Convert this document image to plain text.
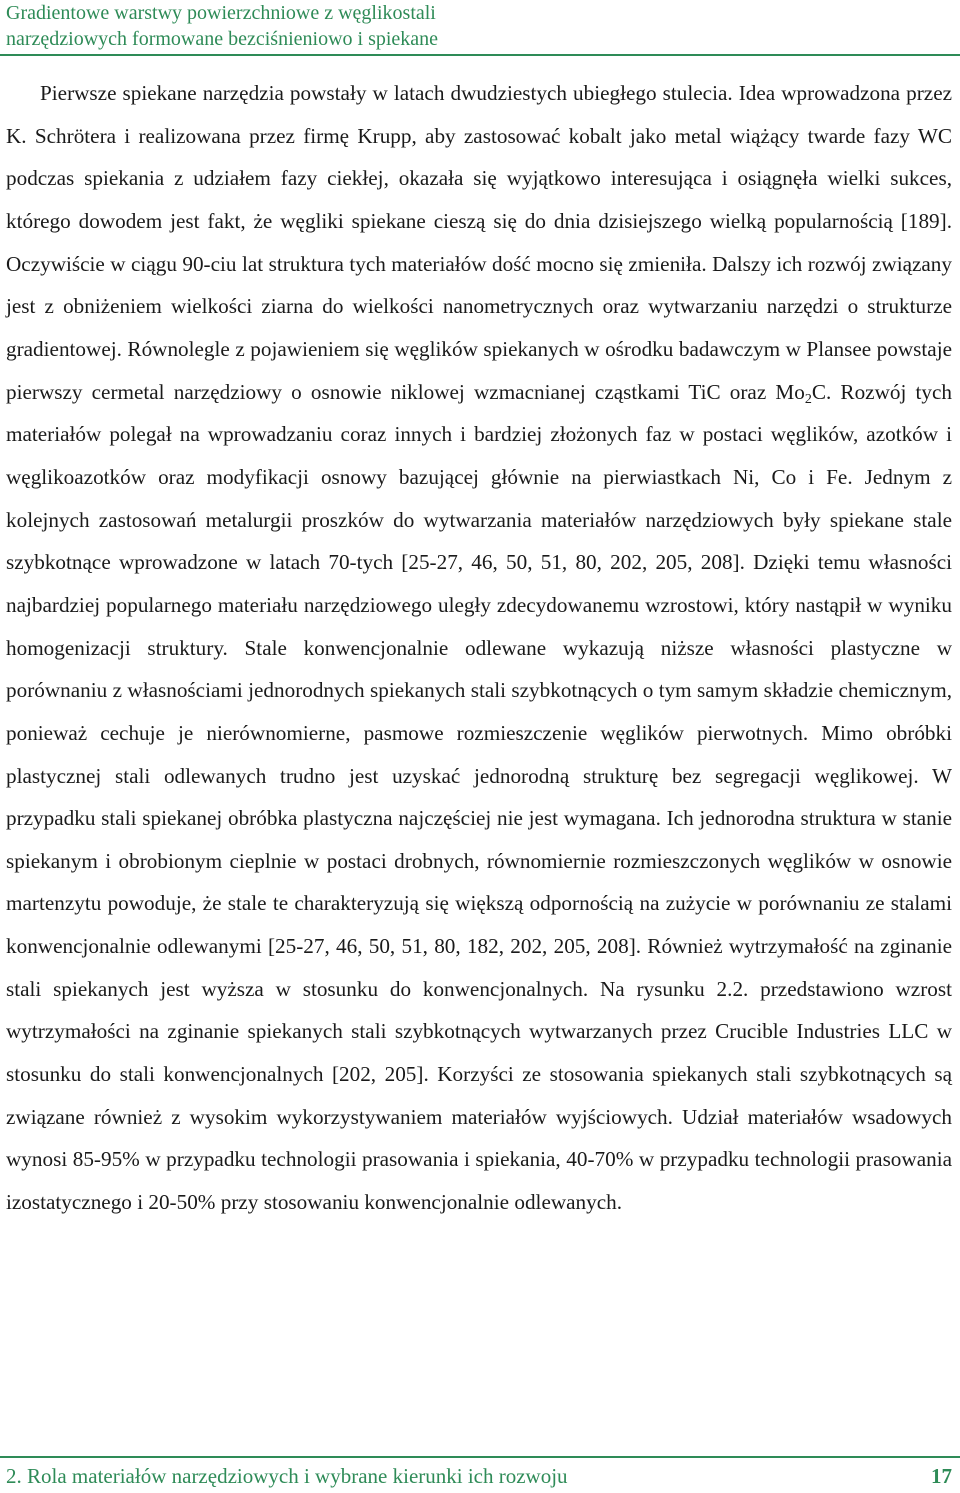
Gradientowe warstwy powierzchniowe z węglikostali
narzędziowych formowane bezciśnieniowo i spiekane

Pierwsze spiekane narzędzia powstały w latach dwudziestych ubiegłego stulecia. Idea wprowadzona przez K. Schrötera i realizowana przez firmę Krupp, aby zastosować kobalt jako metal wiążący twarde fazy WC podczas spiekania z udziałem fazy ciekłej, okazała się wyjątkowo interesująca i osiągnęła wielki sukces, którego dowodem jest fakt, że węgliki spiekane cieszą się do dnia dzisiejszego wielką popularnością [189]. Oczywiście w ciągu 90-ciu lat struktura tych materiałów dość mocno się zmieniła. Dalszy ich rozwój związany jest z obniżeniem wielkości ziarna do wielkości nanometrycznych oraz wytwarzaniu narzędzi o strukturze gradientowej. Równolegle z pojawieniem się węglików spiekanych w ośrodku badawczym w Plansee powstaje pierwszy cermetal narzędziowy o osnowie niklowej wzmacnianej cząstkami TiC oraz $Mo_2C$. Rozwój tych materiałów polegał na wprowadzaniu coraz innych i bardziej złożonych faz w postaci węglików, azotków i węglikoazotków oraz modyfikacji osnowy bazującej głównie na pierwiastkach Ni, Co i Fe. Jednym z kolejnych zastosowań metalurgii proszków do wytwarzania materiałów narzędziowych były spiekane stale szybkotnące wprowadzone w latach 70-tych [25-27, 46, 50, 51, 80, 202, 205, 208]. Dzięki temu własności najbardziej popularnego materiału narzędziowego uległy zdecydowanemu wzrostowi, który nastąpił w wyniku homogenizacji struktury. Stale konwencjonalnie odlewane wykazują niższe własności plastyczne w porównaniu z własnościami jednorodnych spiekanych stali szybkotnących o tym samym składzie chemicznym, ponieważ cechuje je nierównomierne, pasmowe rozmieszczenie węglików pierwotnych. Mimo obróbki plastycznej stali odlewanych trudno jest uzyskać jednorodną strukturę bez segregacji węglikowej. W przypadku stali spiekanej obróbka plastyczna najczęściej nie jest wymagana. Ich jednorodna struktura w stanie spiekanym i obrobionym cieplnie w postaci drobnych, równomiernie rozmieszczonych węglików w osnowie martenzytu powoduje, że stale te charakteryzują się większą odpornością na zużycie w porównaniu ze stalami konwencjonalnie odlewanymi [25-27, 46, 50, 51, 80, 182, 202, 205, 208]. Również wytrzymałość na zginanie stali spiekanych jest wyższa w stosunku do konwencjonalnych. Na rysunku 2.2. przedstawiono wzrost wytrzymałości na zginanie spiekanych stali szybkotnących wytwarzanych przez Crucible Industries LLC w stosunku do stali konwencjonalnych [202, 205]. Korzyści ze stosowania spiekanych stali szybkotnących są związane również z wysokim wykorzystywaniem materiałów wyjściowych. Udział materiałów wsadowych wynosi 85-95% w przypadku technologii prasowania i spiekania, 40-70% w przypadku technologii prasowania izostatycznego i 20-50% przy stosowaniu konwencjonalnie odlewanych.

2. Rola materiałów narzędziowych i wybrane kierunki ich rozwoju	17
